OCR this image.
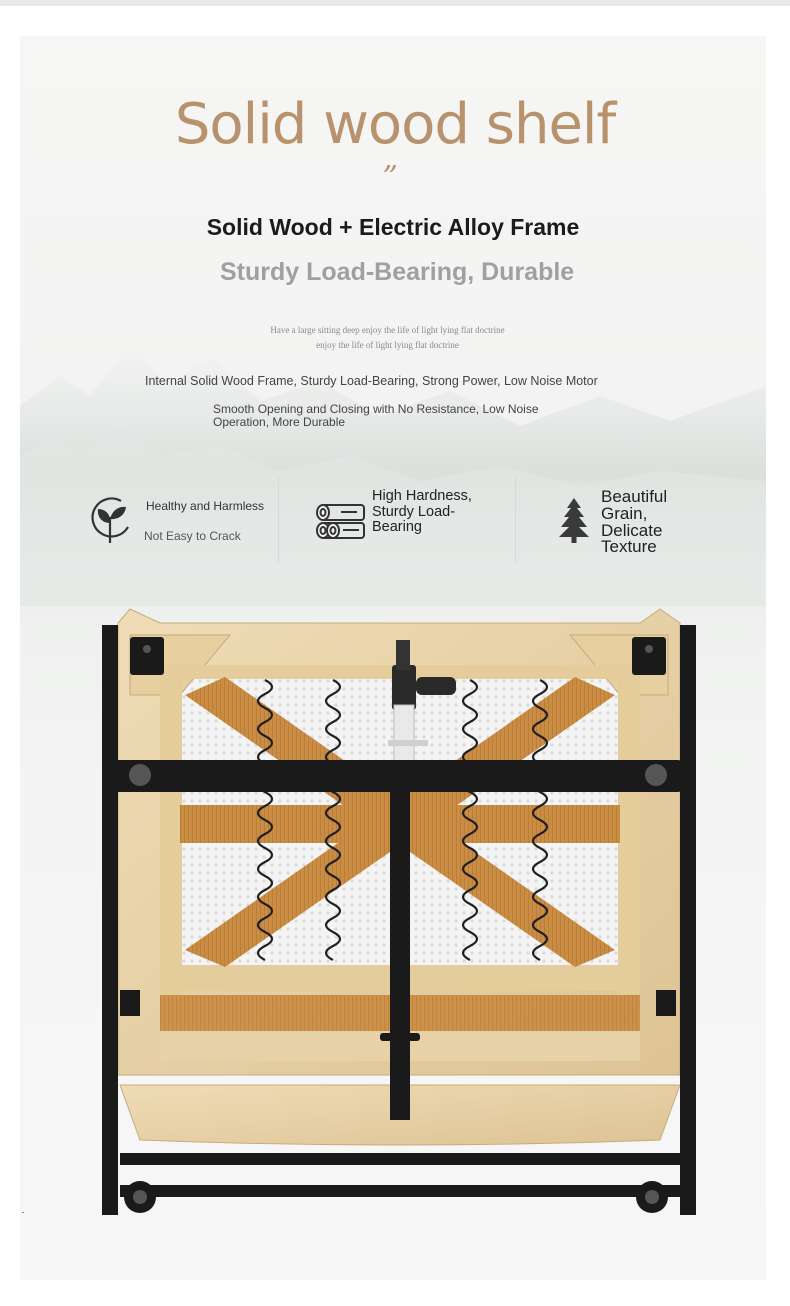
Solid wood shelf
”
Solid Wood + Electric Alloy Frame
Sturdy Load-Bearing, Durable
Have a large sitting deep enjoy the life of light lying flat doctrine
enjoy the life of light lying flat doctrine
Internal Solid Wood Frame, Sturdy Load-Bearing, Strong Power, Low Noise Motor
Smooth Opening and Closing with No Resistance, Low Noise Operation, More Durable
Healthy and Harmless
Not Easy to Crack
High Hardness, Sturdy Load-Bearing
Beautiful Grain, Delicate Texture
